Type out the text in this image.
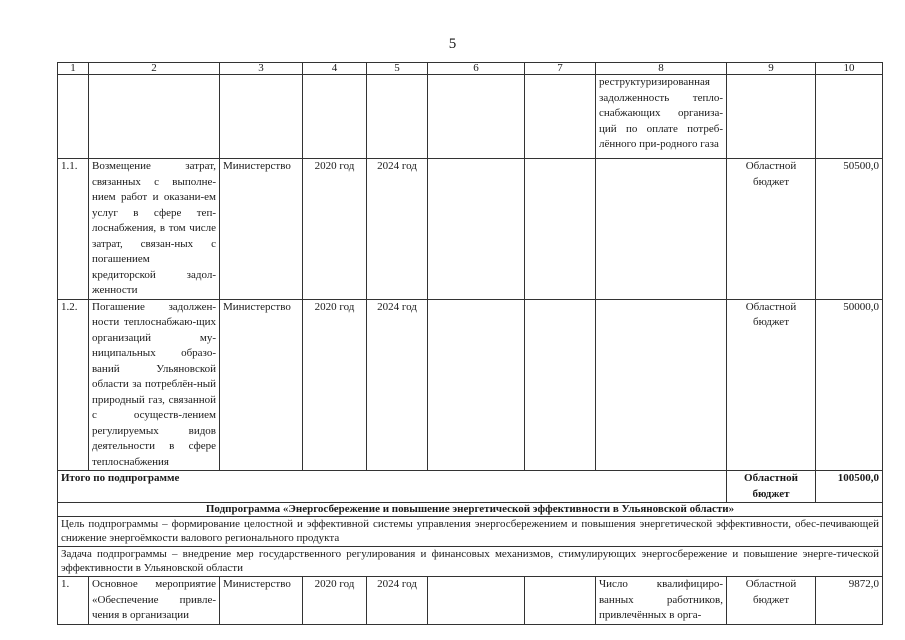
5
1	2	3	4	5	6	7	8	9	10
							реструктуризированная задолженность тепло-снабжающих организа-ций по оплате потреб-лённого при-родного газа		
1.1.	Возмещение затрат, связанных с выполне-нием работ и оказани-ем услуг в сфере теп-лоснабжения, в том числе затрат, связан-ных с погашением кредиторской задол-женности	Министерство	2020 год	2024 год				Областной бюджет	50500,0
1.2.	Погашение задолжен-ности теплоснабжаю-щих организаций му-ниципальных образо-ваний Ульяновской области за потреблён-ный природный газ, связанной с осуществ-лением регулируемых видов деятельности в сфере теплоснабжения	Министерство	2020 год	2024 год				Областной бюджет	50000,0
Итого по подпрограмме								Областной бюджет	100500,0
Подпрограмма «Энергосбережение и повышение энергетической эффективности в Ульяновской области»									
Цель подпрограммы – формирование целостной и эффективной системы управления энергосбережением и повышения энергетической эффективности, обес-печивающей снижение энергоёмкости валового регионального продукта									
Задача подпрограммы – внедрение мер государственного регулирования и финансовых механизмов, стимулирующих энергосбережение и повышение энерге-тической эффективности в Ульяновской области									
1.	Основное мероприятие «Обеспечение привле-чения в организации	Министерство	2020 год	2024 год			Число квалифициро-ванных работников, привлечённых в орга-	Областной бюджет	9872,0
